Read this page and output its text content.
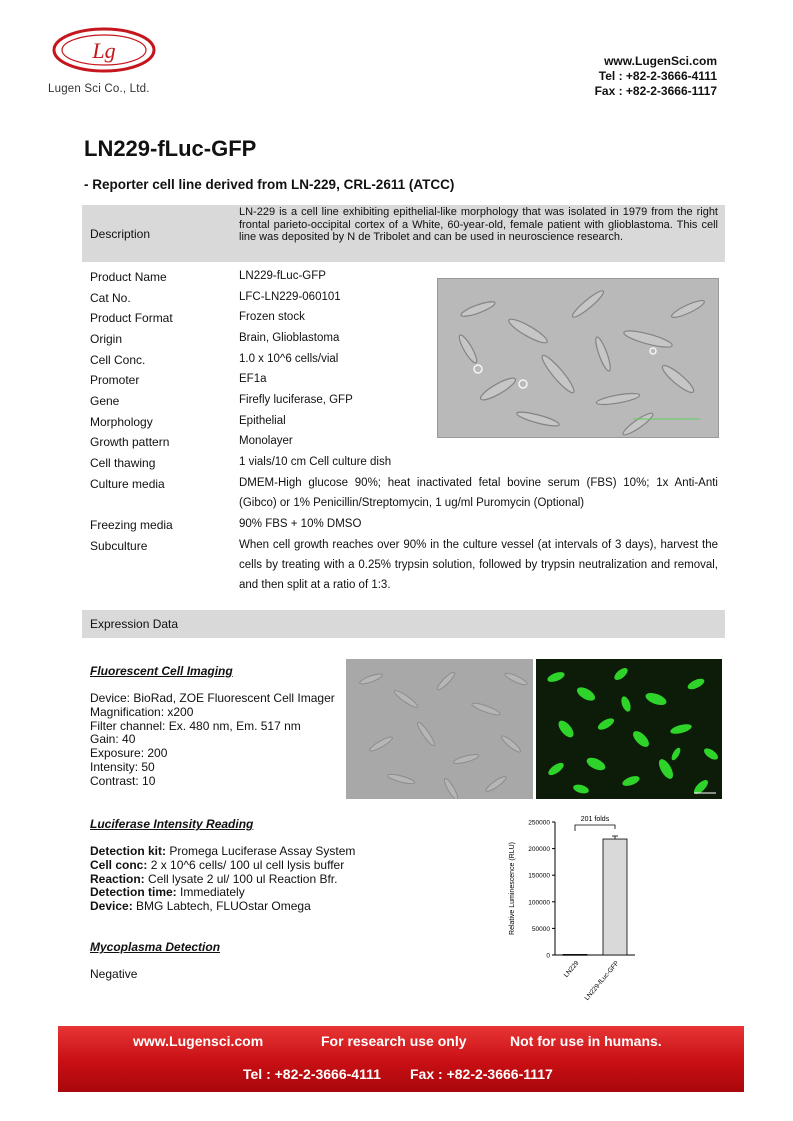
Lg
Lugen Sci Co., Ltd.
www.LugenSci.com
Tel : +82-2-3666-4111
Fax : +82-2-3666-1117
LN229-fLuc-GFP
- Reporter cell line derived from LN-229, CRL-2611 (ATCC)
Description
LN-229 is a cell line exhibiting epithelial-like morphology that was isolated in 1979 from the right frontal parieto-occipital cortex of a White, 60-year-old, female patient with glioblastoma. This cell line was deposited by N de Tribolet and can be used in neuroscience research.
Product Name	LN229-fLuc-GFP
Cat No.	LFC-LN229-060101
Product Format	Frozen stock
Origin	Brain, Glioblastoma
Cell Conc.	1.0 x 10^6 cells/vial
Promoter	EF1a
Gene	Firefly luciferase, GFP
Morphology	Epithelial
Growth pattern	Monolayer
Cell thawing	1 vials/10 cm Cell culture dish
Culture media	DMEM-High glucose 90%; heat inactivated fetal bovine serum (FBS) 10%; 1x Anti-Anti (Gibco) or 1% Penicillin/Streptomycin, 1 ug/ml Puromycin (Optional)
Freezing media	90% FBS + 10% DMSO
Subculture	When cell growth reaches over 90% in the culture vessel (at intervals of 3 days), harvest the cells by treating with a 0.25% trypsin solution, followed by trypsin neutralization and removal, and then split at a ratio of 1:3.
Expression Data
Fluorescent Cell Imaging
Device: BioRad, ZOE Fluorescent Cell Imager
Magnification: x200
Filter channel: Ex. 480 nm, Em. 517 nm
Gain: 40
Exposure: 200
Intensity: 50
Contrast: 10
Luciferase Intensity Reading
Detection kit: Promega Luciferase Assay System
Cell conc: 2 x 10^6 cells/ 100 ul cell lysis buffer
Reaction: Cell lysate 2 ul/ 100 ul Reaction Bfr.
Detection time: Immediately
Device: BMG Labtech, FLUOstar Omega
Mycoplasma Detection
Negative
0
50000
100000
150000
200000
250000
Relative Luminescence (RLU)
LN229 LN229-fLuc-GFP
201 folds
www.Lugensci.com	For research use only	Not for use in humans.
Tel : +82-2-3666-4111 Fax : +82-2-3666-1117
